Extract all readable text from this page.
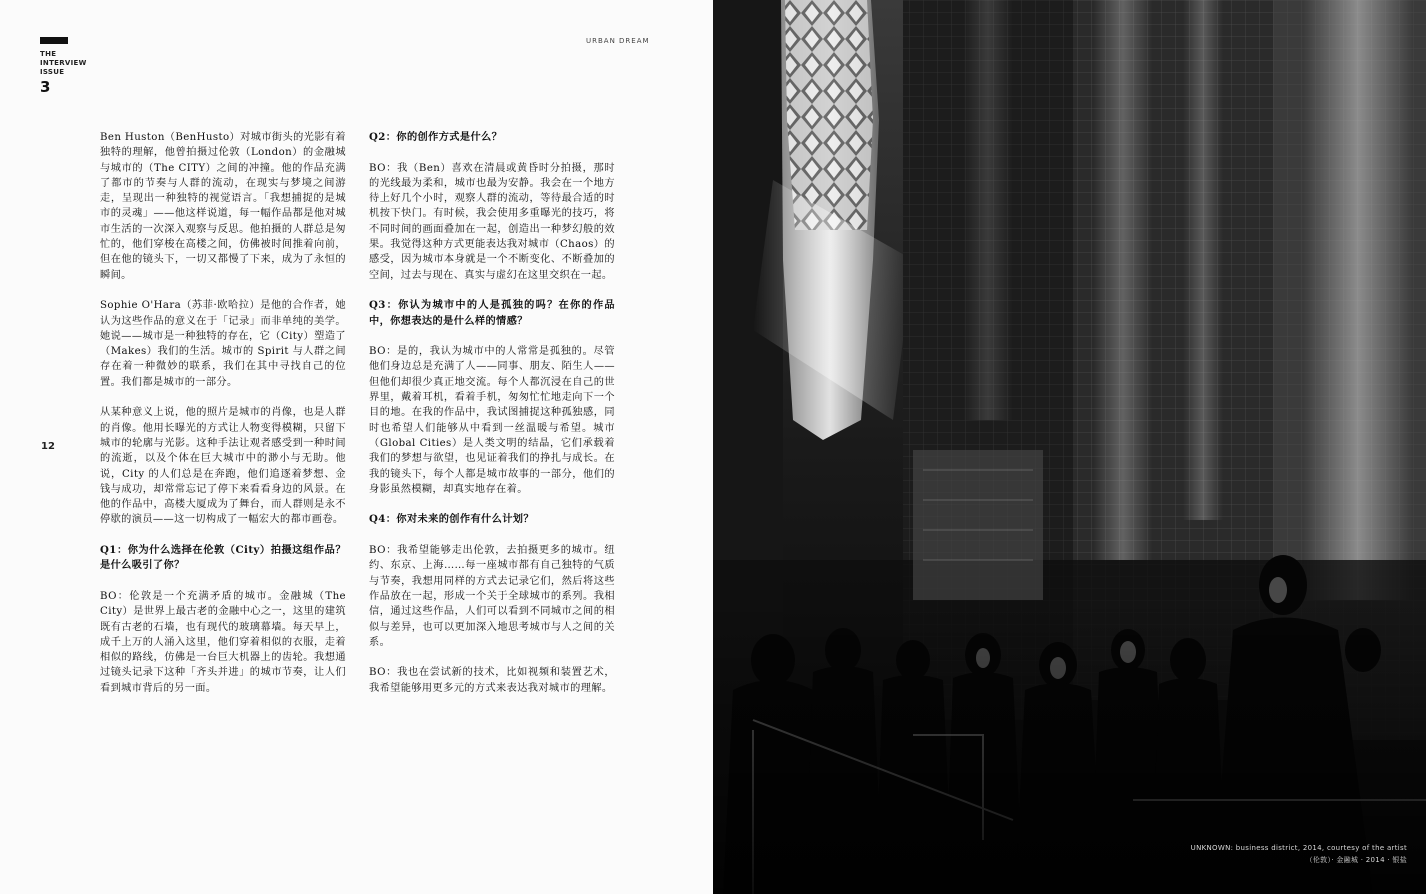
THE
INTERVIEW
ISSUE
3
URBAN DREAM
12

Ben Huston（BenHusto）对城市街头的光影有着独特的理解，他曾拍摄过伦敦（London）的金融城与城市的（The CITY）之间的冲撞。他的作品充满了都市的节奏与人群的流动，在现实与梦境之间游走，呈现出一种独特的视觉语言。「我想捕捉的是城市的灵魂」——他这样说道，每一幅作品都是他对城市生活的一次深入观察与反思。他拍摄的人群总是匆忙的，他们穿梭在高楼之间，仿佛被时间推着向前，但在他的镜头下，一切又都慢了下来，成为了永恒的瞬间。

Sophie O'Hara（苏菲·欧哈拉）是他的合作者，她认为这些作品的意义在于「记录」而非单纯的美学。她说——城市是一种独特的存在，它（City）塑造了（Makes）我们的生活。城市的 Spirit 与人群之间存在着一种微妙的联系，我们在其中寻找自己的位置。我们都是城市的一部分。

从某种意义上说，他的照片是城市的肖像，也是人群的肖像。他用长曝光的方式让人物变得模糊，只留下城市的轮廓与光影。这种手法让观者感受到一种时间的流逝，以及个体在巨大城市中的渺小与无助。他说，City 的人们总是在奔跑，他们追逐着梦想、金钱与成功，却常常忘记了停下来看看身边的风景。在他的作品中，高楼大厦成为了舞台，而人群则是永不停歇的演员——这一切构成了一幅宏大的都市画卷。

Q1：你为什么选择在伦敦（City）拍摄这组作品？是什么吸引了你？

BO：伦敦是一个充满矛盾的城市。金融城（The City）是世界上最古老的金融中心之一，这里的建筑既有古老的石墙，也有现代的玻璃幕墙。每天早上，成千上万的人涌入这里，他们穿着相似的衣服，走着相似的路线，仿佛是一台巨大机器上的齿轮。我想通过镜头记录下这种「齐头并进」的城市节奏，让人们看到城市背后的另一面。

Q2：你的创作方式是什么？

BO：我（Ben）喜欢在清晨或黄昏时分拍摄，那时的光线最为柔和，城市也最为安静。我会在一个地方待上好几个小时，观察人群的流动，等待最合适的时机按下快门。有时候，我会使用多重曝光的技巧，将不同时间的画面叠加在一起，创造出一种梦幻般的效果。我觉得这种方式更能表达我对城市（Chaos）的感受，因为城市本身就是一个不断变化、不断叠加的空间，过去与现在、真实与虚幻在这里交织在一起。

Q3：你认为城市中的人是孤独的吗？在你的作品中，你想表达的是什么样的情感？

BO：是的，我认为城市中的人常常是孤独的。尽管他们身边总是充满了人——同事、朋友、陌生人——但他们却很少真正地交流。每个人都沉浸在自己的世界里，戴着耳机，看着手机，匆匆忙忙地走向下一个目的地。在我的作品中，我试图捕捉这种孤独感，同时也希望人们能够从中看到一丝温暖与希望。城市（Global Cities）是人类文明的结晶，它们承载着我们的梦想与欲望，也见证着我们的挣扎与成长。在我的镜头下，每个人都是城市故事的一部分，他们的身影虽然模糊，却真实地存在着。

Q4：你对未来的创作有什么计划？

BO：我希望能够走出伦敦，去拍摄更多的城市。纽约、东京、上海……每一座城市都有自己独特的气质与节奏，我想用同样的方式去记录它们，然后将这些作品放在一起，形成一个关于全球城市的系列。我相信，通过这些作品，人们可以看到不同城市之间的相似与差异，也可以更加深入地思考城市与人之间的关系。

BO：我也在尝试新的技术，比如视频和装置艺术，我希望能够用更多元的方式来表达我对城市的理解。

UNKNOWN: business district, 2014, courtesy of the artist
（伦敦）· 金融城 · 2014 · 银盐
